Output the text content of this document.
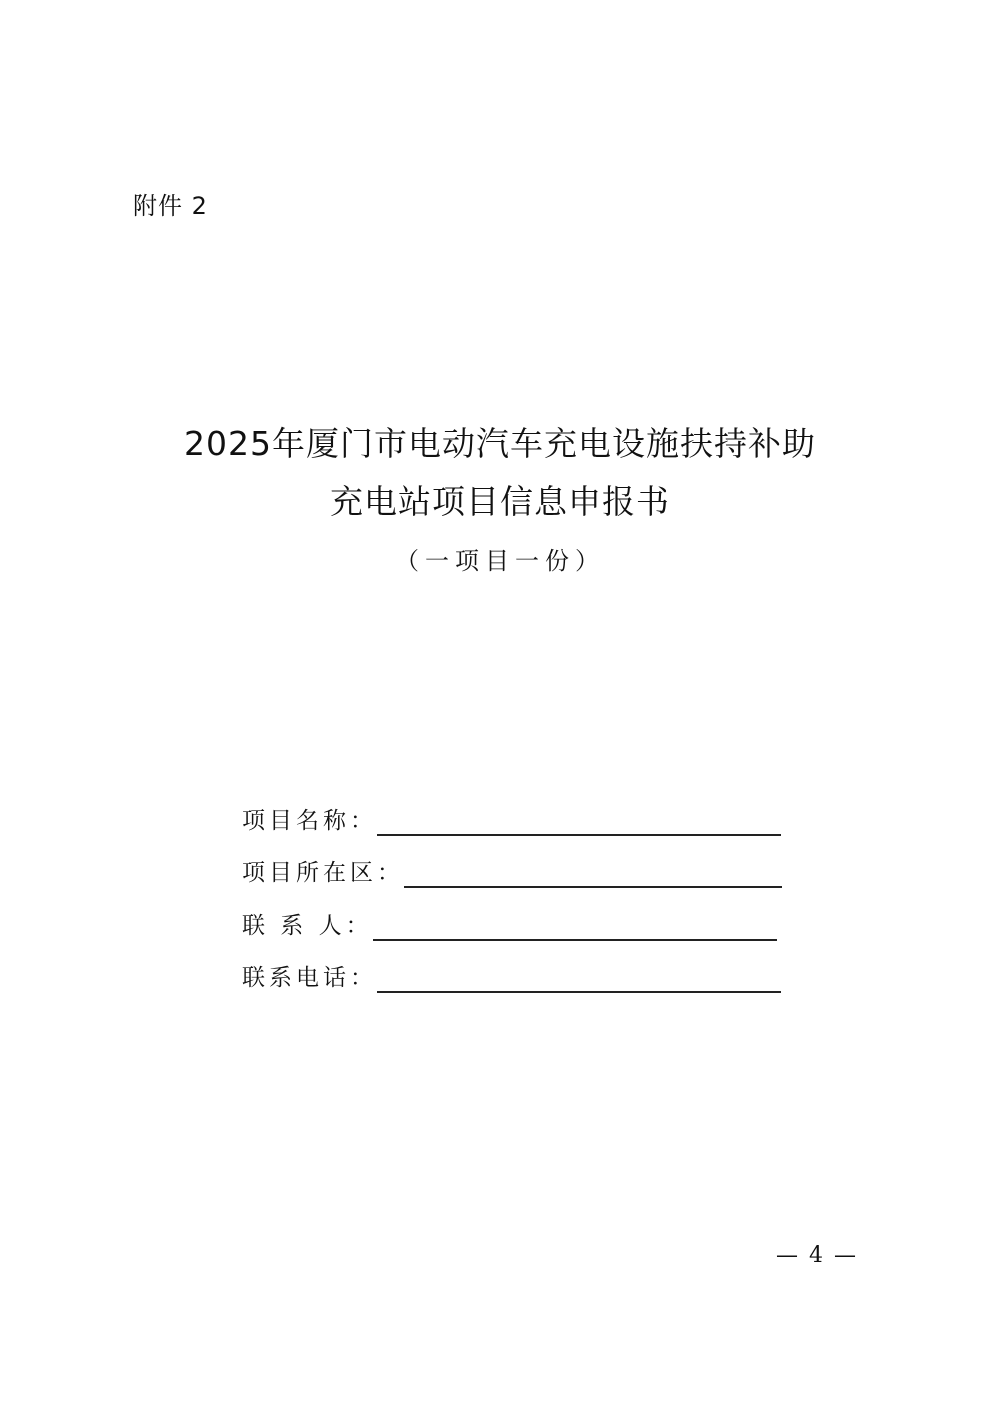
附件 2
2025年厦门市电动汽车充电设施扶持补助
充电站项目信息申报书
（一项目一份）
项目名称：
项目所在区：
联 系 人：
联系电话：
— 4 —
